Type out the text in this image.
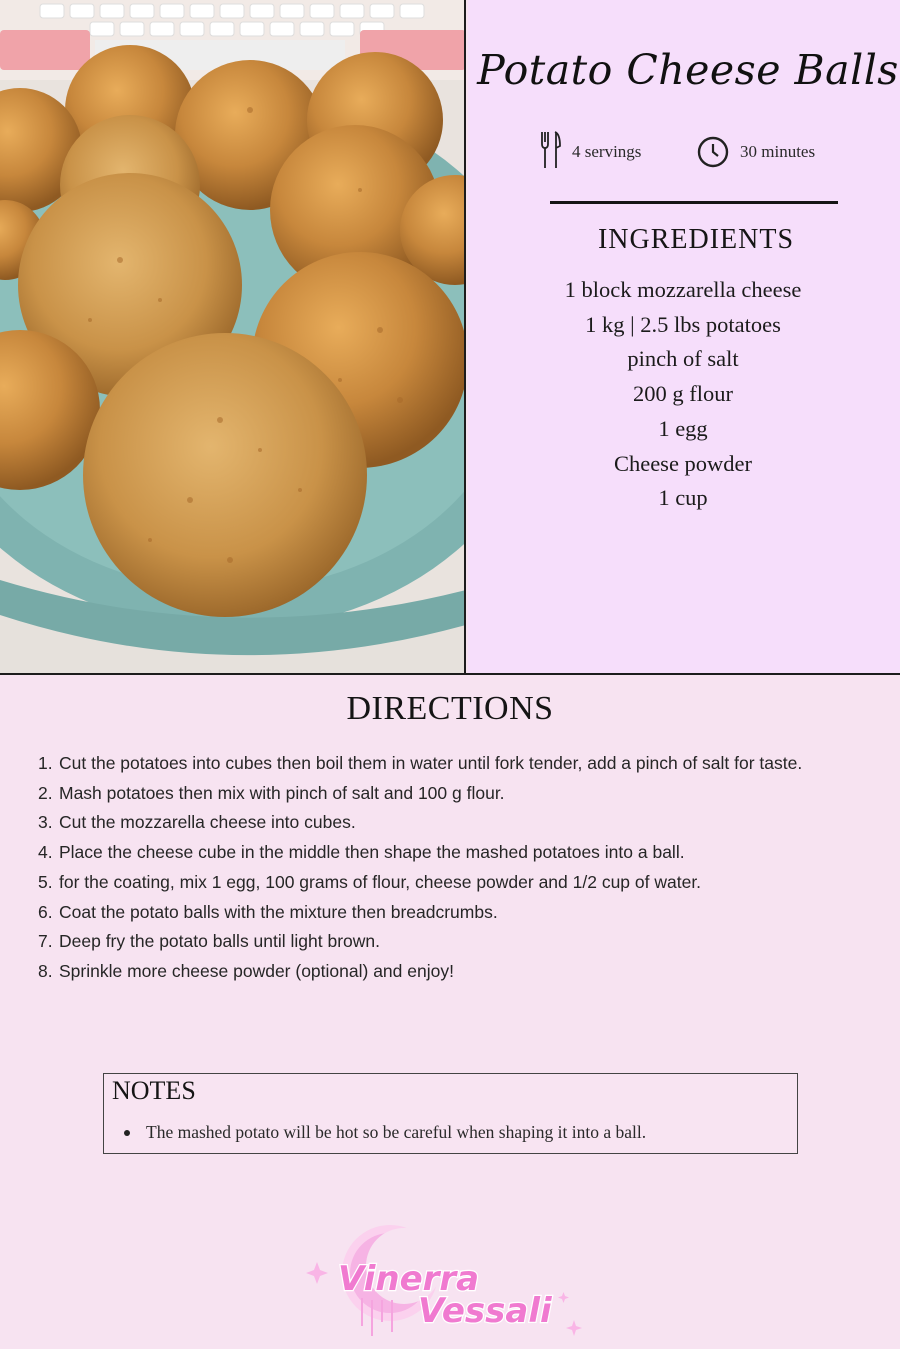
Potato Cheese Balls
4 servings	30 minutes
INGREDIENTS
1 block mozzarella cheese
1 kg | 2.5 lbs potatoes
pinch of salt
200 g flour
1 egg
Cheese powder
1 cup
DIRECTIONS
1. Cut the potatoes into cubes then boil them in water until fork tender, add a pinch of salt for taste.
2. Mash potatoes then mix with pinch of salt and 100 g flour.
3. Cut the mozzarella cheese into cubes.
4. Place the cheese cube in the middle then shape the mashed potatoes into a ball.
5. for the coating, mix 1 egg, 100 grams of flour, cheese powder and 1/2 cup of water.
6. Coat the potato balls with the mixture then breadcrumbs.
7. Deep fry the potato balls until light brown.
8. Sprinkle more cheese powder (optional) and enjoy!
NOTES
The mashed potato will be hot so be careful when shaping it into a ball.
Vinerra
Vessali
